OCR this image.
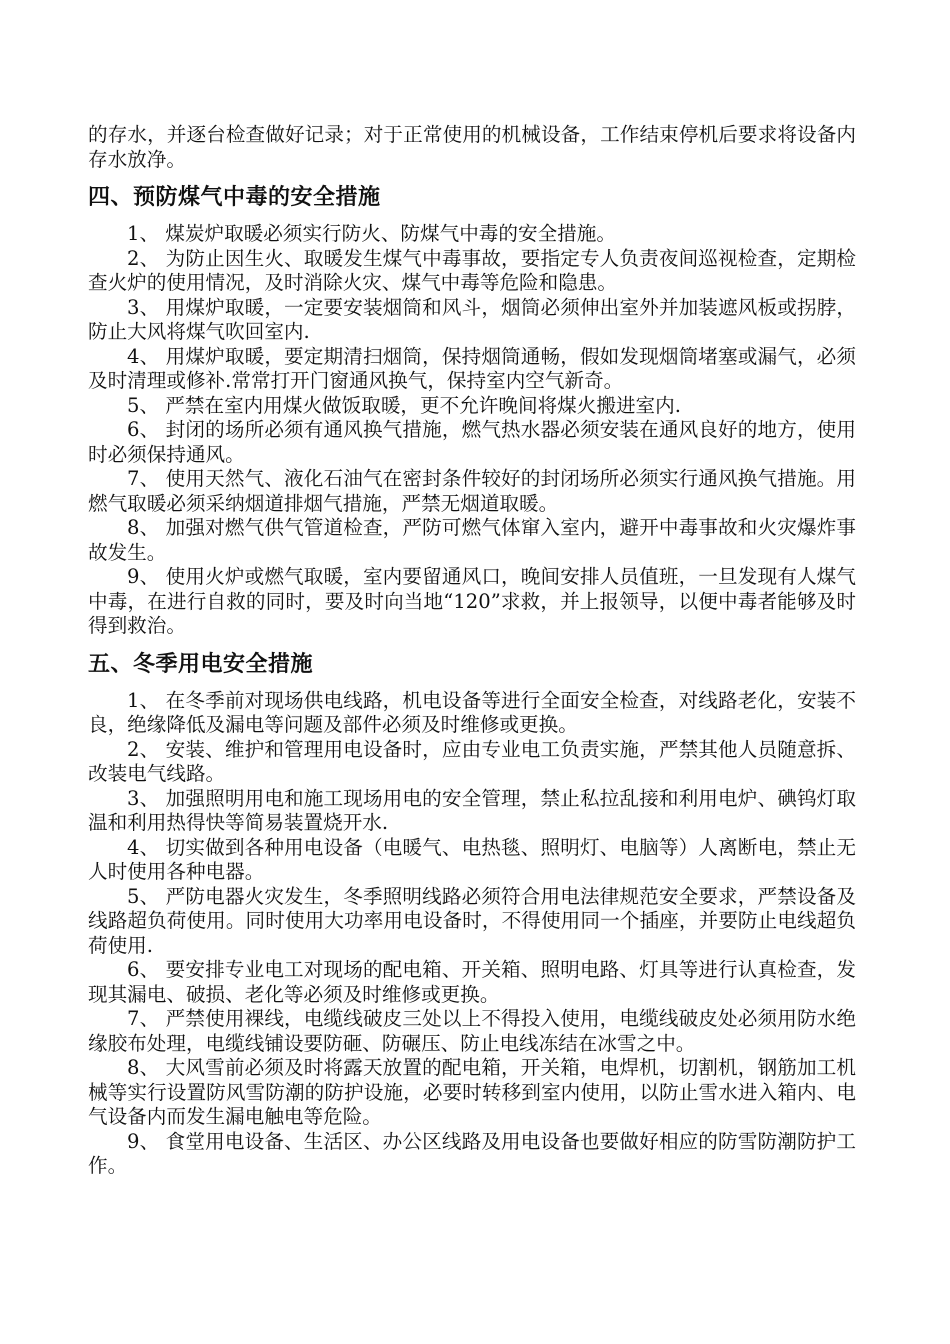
的存水，并逐台检查做好记录；对于正常使用的机械设备，工作结束停机后要求将设备内存水放净。

四、预防煤气中毒的安全措施

1、 煤炭炉取暖必须实行防火、防煤气中毒的安全措施。

2、 为防止因生火、取暖发生煤气中毒事故，要指定专人负责夜间巡视检查，定期检查火炉的使用情况，及时消除火灾、煤气中毒等危险和隐患。

3、 用煤炉取暖，一定要安装烟筒和风斗，烟筒必须伸出室外并加装遮风板或拐脖，防止大风将煤气吹回室内.

4、 用煤炉取暖，要定期清扫烟筒，保持烟筒通畅，假如发现烟筒堵塞或漏气，必须及时清理或修补.常常打开门窗通风换气，保持室内空气新奇。

5、 严禁在室内用煤火做饭取暖，更不允许晚间将煤火搬进室内.

6、 封闭的场所必须有通风换气措施，燃气热水器必须安装在通风良好的地方，使用时必须保持通风。

7、 使用天然气、液化石油气在密封条件较好的封闭场所必须实行通风换气措施。用燃气取暖必须采纳烟道排烟气措施，严禁无烟道取暖。

8、 加强对燃气供气管道检查，严防可燃气体窜入室内，避开中毒事故和火灾爆炸事故发生。

9、 使用火炉或燃气取暖，室内要留通风口，晚间安排人员值班，一旦发现有人煤气中毒，在进行自救的同时，要及时向当地“120”求救，并上报领导，以便中毒者能够及时得到救治。

五、冬季用电安全措施

1、 在冬季前对现场供电线路，机电设备等进行全面安全检查，对线路老化，安装不良，绝缘降低及漏电等问题及部件必须及时维修或更换。

2、 安装、维护和管理用电设备时，应由专业电工负责实施，严禁其他人员随意拆、改装电气线路。

3、 加强照明用电和施工现场用电的安全管理，禁止私拉乱接和利用电炉、碘钨灯取温和利用热得快等简易装置烧开水.

4、 切实做到各种用电设备（电暖气、电热毯、照明灯、电脑等）人离断电，禁止无人时使用各种电器。

5、 严防电器火灾发生，冬季照明线路必须符合用电法律规范安全要求，严禁设备及线路超负荷使用。同时使用大功率用电设备时，不得使用同一个插座，并要防止电线超负荷使用.

6、 要安排专业电工对现场的配电箱、开关箱、照明电路、灯具等进行认真检查，发现其漏电、破损、老化等必须及时维修或更换。

7、 严禁使用裸线，电缆线破皮三处以上不得投入使用，电缆线破皮处必须用防水绝缘胶布处理，电缆线铺设要防砸、防碾压、防止电线冻结在冰雪之中。

8、 大风雪前必须及时将露天放置的配电箱，开关箱，电焊机，切割机，钢筋加工机械等实行设置防风雪防潮的防护设施，必要时转移到室内使用，以防止雪水进入箱内、电气设备内而发生漏电触电等危险。

9、 食堂用电设备、生活区、办公区线路及用电设备也要做好相应的防雪防潮防护工作。
